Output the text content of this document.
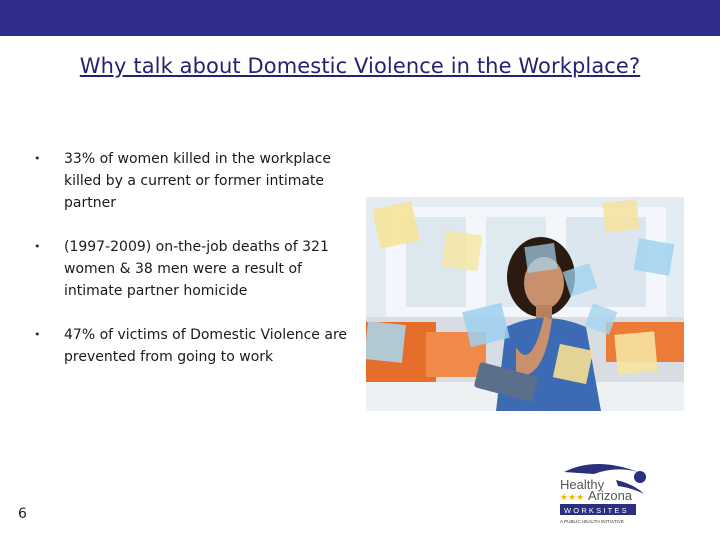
Why talk about Domestic Violence in the Workplace?
• 33% of women killed in the workplace killed by a current or former intimate partner
• (1997-2009) on-the-job deaths of 321 women & 38 men were a result of intimate partner homicide
• 47% of victims of Domestic Violence are prevented from going to work
6
Healthy
★★★ Arizona
WORKSITES
A PUBLIC HEALTH INITIATIVE
